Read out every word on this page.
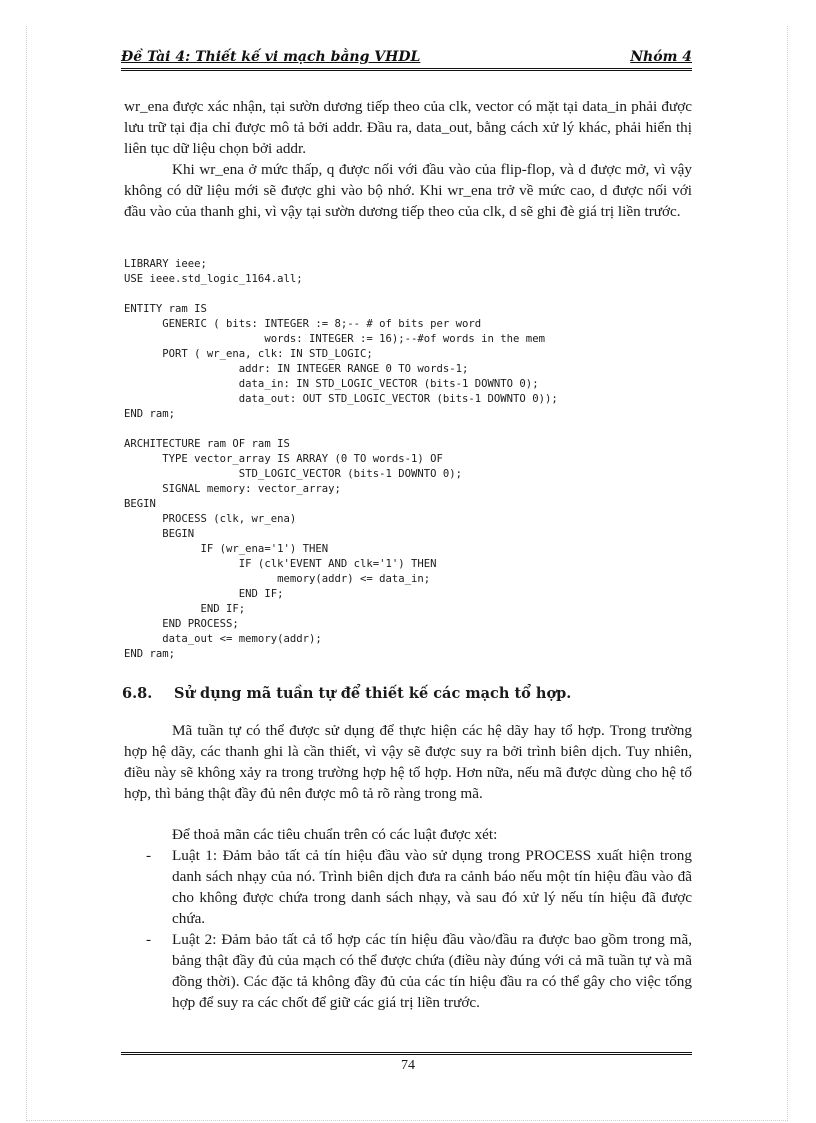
Đề Tài 4: Thiết kế vi mạch bằng VHDL	Nhóm 4

wr_ena được xác nhận, tại sườn dương tiếp theo của clk, vector có mặt tại data_in phải được lưu trữ tại địa chỉ được mô tả bởi addr. Đầu ra, data_out, bằng cách xử lý khác, phải hiển thị liên tục dữ liệu chọn bởi addr.

Khi wr_ena ở mức thấp, q được nối với đầu vào của flip-flop, và d được mở, vì vậy không có dữ liệu mới sẽ được ghi vào bộ nhớ. Khi wr_ena trở về mức cao, d được nối với đầu vào của thanh ghi, vì vậy tại sườn dương tiếp theo của clk, d sẽ ghi đè giá trị liền trước.

LIBRARY ieee;
USE ieee.std_logic_1164.all;
ENTITY ram IS
GENERIC ( bits: INTEGER := 8;-- # of bits per word
words: INTEGER := 16);--#of words in the mem
PORT ( wr_ena, clk: IN STD_LOGIC;
addr: IN INTEGER RANGE 0 TO words-1;
data_in: IN STD_LOGIC_VECTOR (bits-1 DOWNTO 0);
data_out: OUT STD_LOGIC_VECTOR (bits-1 DOWNTO 0));
END ram;
ARCHITECTURE ram OF ram IS
TYPE vector_array IS ARRAY (0 TO words-1) OF
STD_LOGIC_VECTOR (bits-1 DOWNTO 0);
SIGNAL memory: vector_array;
BEGIN
PROCESS (clk, wr_ena)
BEGIN
IF (wr_ena='1') THEN
IF (clk'EVENT AND clk='1') THEN
memory(addr) <= data_in;
END IF;
END IF;
END PROCESS;
data_out <= memory(addr);
END ram;
6.8. Sử dụng mã tuần tự để thiết kế các mạch tổ hợp.

Mã tuần tự có thể được sử dụng để thực hiện các hệ dãy hay tổ hợp. Trong trường hợp hệ dãy, các thanh ghi là cần thiết, vì vậy sẽ được suy ra bởi trình biên dịch. Tuy nhiên, điều này sẽ không xảy ra trong trường hợp hệ tổ hợp. Hơn nữa, nếu mã được dùng cho hệ tổ hợp, thì bảng thật đầy đủ nên được mô tả rõ ràng trong mã.

Để thoả mãn các tiêu chuẩn trên có các luật được xét:

- Luật 1: Đảm bảo tất cả tín hiệu đầu vào sử dụng trong PROCESS xuất hiện trong danh sách nhạy của nó. Trình biên dịch đưa ra cảnh báo nếu một tín hiệu đầu vào đã cho không được chứa trong danh sách nhạy, và sau đó xử lý nếu tín hiệu đã được chứa.
- Luật 2: Đảm bảo tất cả tổ hợp các tín hiệu đầu vào/đầu ra được bao gồm trong mã, bảng thật đầy đủ của mạch có thể được chứa (điều này đúng với cả mã tuần tự và mã đồng thời). Các đặc tả không đầy đủ của các tín hiệu đầu ra có thể gây cho việc tổng hợp để suy ra các chốt để giữ các giá trị liền trước.
74
